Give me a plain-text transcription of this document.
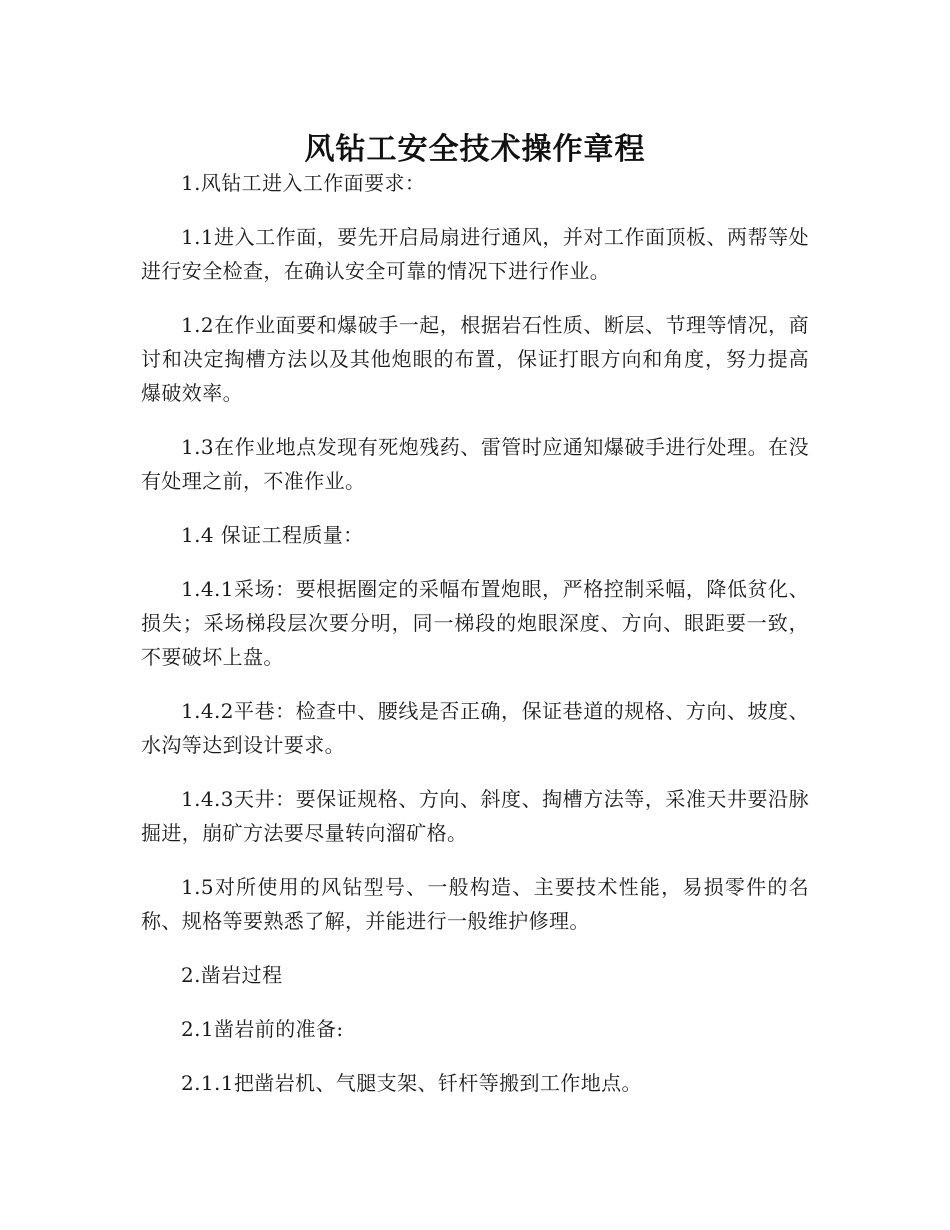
风钻工安全技术操作章程

1.风钻工进入工作面要求：

1.1进入工作面，要先开启局扇进行通风，并对工作面顶板、两帮等处进行安全检查，在确认安全可靠的情况下进行作业。

1.2在作业面要和爆破手一起，根据岩石性质、断层、节理等情况，商讨和决定掏槽方法以及其他炮眼的布置，保证打眼方向和角度，努力提高爆破效率。

1.3在作业地点发现有死炮残药、雷管时应通知爆破手进行处理。在没有处理之前，不准作业。

1.4 保证工程质量：

1.4.1采场：要根据圈定的采幅布置炮眼，严格控制采幅，降低贫化、损失；采场梯段层次要分明，同一梯段的炮眼深度、方向、眼距要一致，不要破坏上盘。

1.4.2平巷：检查中、腰线是否正确，保证巷道的规格、方向、坡度、水沟等达到设计要求。

1.4.3天井：要保证规格、方向、斜度、掏槽方法等，采准天井要沿脉掘进，崩矿方法要尽量转向溜矿格。

1.5对所使用的风钻型号、一般构造、主要技术性能，易损零件的名称、规格等要熟悉了解，并能进行一般维护修理。

2.凿岩过程

2.1凿岩前的准备:

2.1.1把凿岩机、气腿支架、钎杆等搬到工作地点。
